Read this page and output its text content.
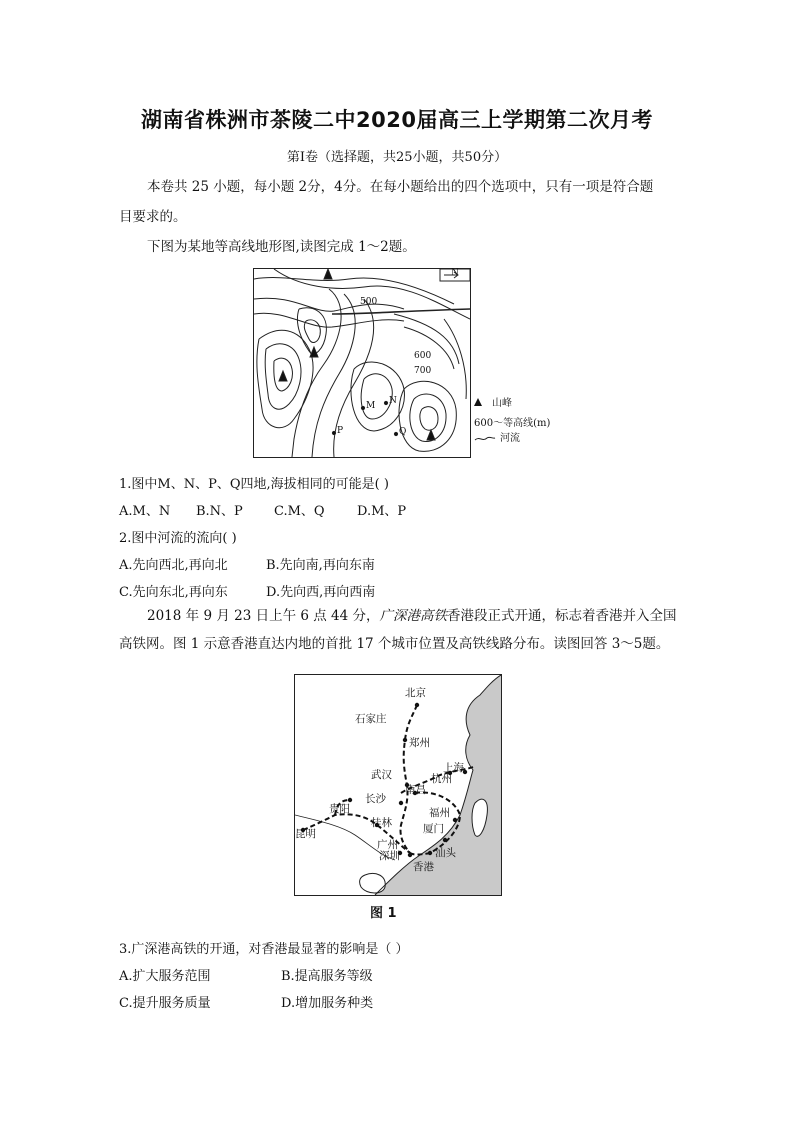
湖南省株洲市茶陵二中2020届高三上学期第二次月考
第Ⅰ卷（选择题，共25小题，共50分）
本卷共 25 小题，每小题 2分，4分。在每小题给出的四个选项中，只有一项是符合题
目要求的。
下图为某地等高线地形图,读图完成 1～2题。
N
500
600
700
M N
P	Q
山峰
600～等高线(m)
河流
1.图中M、N、P、Q四地,海拔相同的可能是( )
A.M、N B.N、P C.M、Q D.M、P
2.图中河流的流向( )
A.先向西北,再向北	B.先向南,再向东南
C.先向东北,再向东	D.先向西,再向西南
2018 年 9 月 23 日上午 6 点 44 分，广深港高铁香港段正式开通，标志着香港并入全国
高铁网。图 1 示意香港直达内地的首批 17 个城市位置及高铁线路分布。读图回答 3～5题。
北京
石家庄
郑州
武汉
上海
杭州
南昌
长沙
贵阳	福州
昆明
桂林	厦门
广州
深圳	汕头
香港
图 1
3.广深港高铁的开通，对香港最显著的影响是（ ）
A.扩大服务范围	B.提高服务等级
C.提升服务质量	D.增加服务种类
